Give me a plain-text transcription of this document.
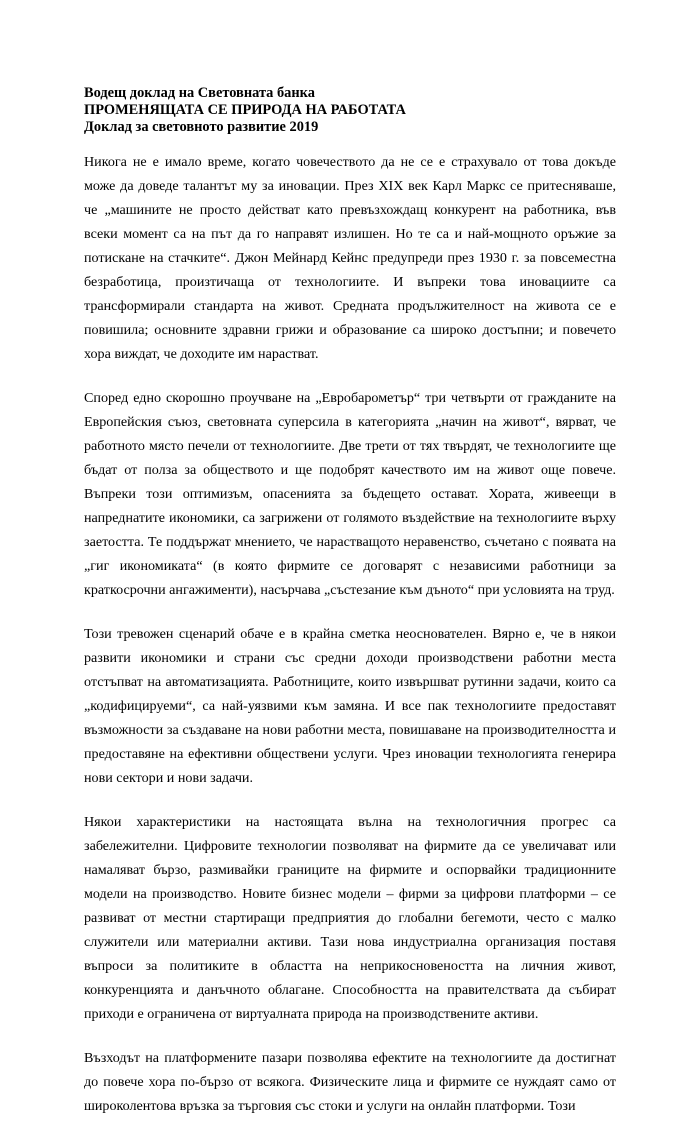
Водещ доклад на Световната банка
ПРОМЕНЯЩАТА СЕ ПРИРОДА НА РАБОТАТА
Доклад за световното развитие 2019

Никога не е имало време, когато човечеството да не се е страхувало от това докъде може да доведе талантът му за иновации. През XIX век Карл Маркс се притесняваше, че „машините не просто действат като превъзхождащ конкурент на работника, във всеки момент са на път да го направят излишен. Но те са и най-мощното оръжие за потискане на стачките“. Джон Мейнард Кейнс предупреди през 1930 г. за повсеместна безработица, произтичаща от технологиите. И въпреки това иновациите са трансформирали стандарта на живот. Средната продължителност на живота се е повишила; основните здравни грижи и образование са широко достъпни; и повечето хора виждат, че доходите им нарастват.

Според едно скорошно проучване на „Евробарометър“ три четвърти от гражданите на Европейския съюз, световната суперсила в категорията „начин на живот“, вярват, че работното място печели от технологиите. Две трети от тях твърдят, че технологиите ще бъдат от полза за обществото и ще подобрят качеството им на живот още повече. Въпреки този оптимизъм, опасенията за бъдещето остават. Хората, живеещи в напреднатите икономики, са загрижени от голямото въздействие на технологиите върху заетостта. Те поддържат мнението, че нарастващото неравенство, съчетано с появата на „гиг икономиката“ (в която фирмите се договарят с независими работници за краткосрочни ангажименти), насърчава „състезание към дъното“ при условията на труд.

Този тревожен сценарий обаче е в крайна сметка неоснователен. Вярно е, че в някои развити икономики и страни със средни доходи производствени работни места отстъпват на автоматизацията. Работниците, които извършват рутинни задачи, които са „кодифицируеми“, са най-уязвими към замяна. И все пак технологиите предоставят възможности за създаване на нови работни места, повишаване на производителността и предоставяне на ефективни обществени услуги. Чрез иновации технологията генерира нови сектори и нови задачи.

Някои характеристики на настоящата вълна на технологичния прогрес са забележителни. Цифровите технологии позволяват на фирмите да се увеличават или намаляват бързо, размивайки границите на фирмите и оспорвайки традиционните модели на производство. Новите бизнес модели – фирми за цифрови платформи – се развиват от местни стартиращи предприятия до глобални бегемоти, често с малко служители или материални активи. Тази нова индустриална организация поставя въпроси за политиките в областта на неприкосновеността на личния живот, конкуренцията и данъчното облагане. Способността на правителствата да събират приходи е ограничена от виртуалната природа на производствените активи.

Възходът на платформените пазари позволява ефектите на технологиите да достигнат до повече хора по-бързо от всякога. Физическите лица и фирмите се нуждаят само от широколентова връзка за търговия със стоки и услуги на онлайн платформи. Този
